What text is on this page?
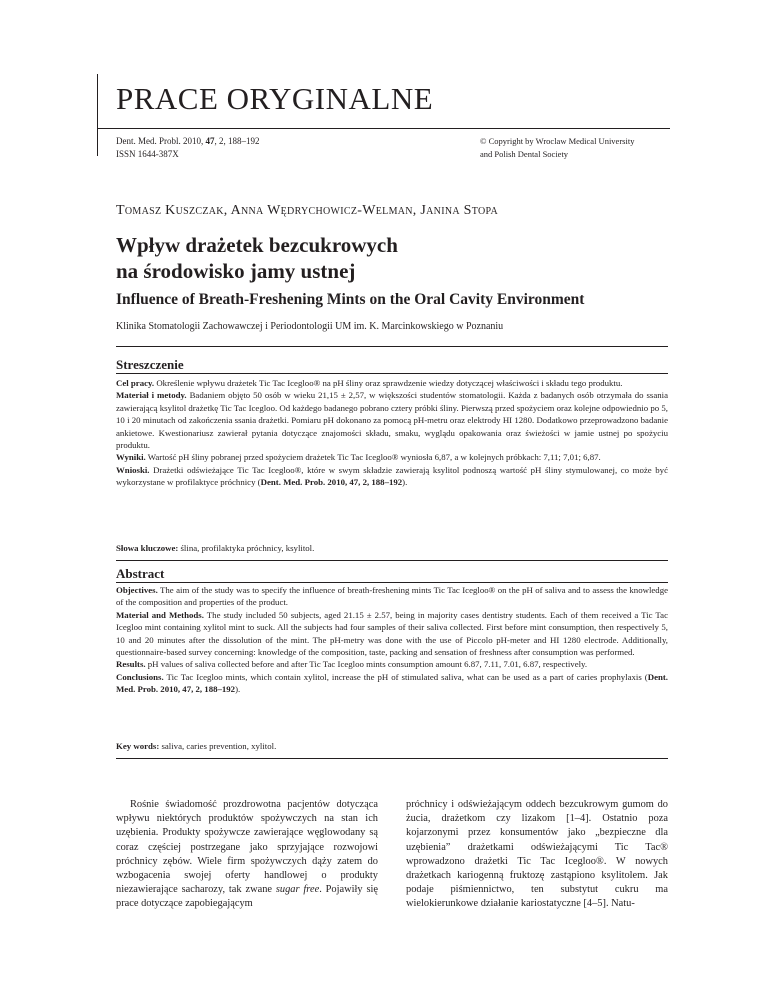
PRACE ORYGINALNE
Dent. Med. Probl. 2010, 47, 2, 188–192
ISSN 1644-387X
© Copyright by Wroclaw Medical University
and Polish Dental Society
Tomasz Kuszczak, Anna Wędrychowicz-Welman, Janina Stopa
Wpływ drażetek bezcukrowych
na środowisko jamy ustnej
Influence of Breath-Freshening Mints on the Oral Cavity Environment
Klinika Stomatologii Zachowawczej i Periodontologii UM im. K. Marcinkowskiego w Poznaniu
Streszczenie
Cel pracy. Określenie wpływu drażetek Tic Tac Icegloo® na pH śliny oraz sprawdzenie wiedzy dotyczącej właściwości i składu tego produktu.
Materiał i metody. Badaniem objęto 50 osób w wieku 21,15 ± 2,57, w większości studentów stomatologii. Każda z badanych osób otrzymała do ssania zawierającą ksylitol drażetkę Tic Tac Icegloo. Od każdego badanego pobrano cztery próbki śliny. Pierwszą przed spożyciem oraz kolejne odpowiednio po 5, 10 i 20 minutach od zakończenia ssania drażetki. Pomiaru pH dokonano za pomocą pH-metru oraz elektrody HI 1280. Dodatkowo przeprowadzono badanie ankietowe. Kwestionariusz zawierał pytania dotyczące znajomości składu, smaku, wyglądu opakowania oraz świeżości w jamie ustnej po spożyciu produktu.
Wyniki. Wartość pH śliny pobranej przed spożyciem drażetek Tic Tac Icegloo® wyniosła 6,87, a w kolejnych próbkach: 7,11; 7,01; 6,87.
Wnioski. Drażetki odświeżające Tic Tac Icegloo®, które w swym składzie zawierają ksylitol podnoszą wartość pH śliny stymulowanej, co może być wykorzystane w profilaktyce próchnicy (Dent. Med. Prob. 2010, 47, 2, 188–192).
Słowa kluczowe: ślina, profilaktyka próchnicy, ksylitol.
Abstract
Objectives. The aim of the study was to specify the influence of breath-freshening mints Tic Tac Icegloo® on the pH of saliva and to assess the knowledge of the composition and properties of the product.
Material and Methods. The study included 50 subjects, aged 21.15 ± 2.57, being in majority cases dentistry students. Each of them received a Tic Tac Icegloo mint containing xylitol mint to suck. All the subjects had four samples of their saliva collected. First before mint consumption, then respectively 5, 10 and 20 minutes after the dissolution of the mint. The pH-metry was done with the use of Piccolo pH-meter and HI 1280 electrode. Additionally, questionnaire-based survey concerning: knowledge of the composition, taste, packing and sensation of freshness after consumption was performed.
Results. pH values of saliva collected before and after Tic Tac Icegloo mints consumption amount 6.87, 7.11, 7.01, 6.87, respectively.
Conclusions. Tic Tac Icegloo mints, which contain xylitol, increase the pH of stimulated saliva, what can be used as a part of caries prophylaxis (Dent. Med. Prob. 2010, 47, 2, 188–192).
Key words: saliva, caries prevention, xylitol.
Rośnie świadomość prozdrowotna pacjentów dotycząca wpływu niektórych produktów spożywczych na stan ich uzębienia. Produkty spożywcze zawierające węglowodany są coraz częściej postrzegane jako sprzyjające rozwojowi próchnicy zębów. Wiele firm spożywczych dąży zatem do wzbogacenia swojej oferty handlowej o produkty niezawierające sacharozy, tak zwane sugar free. Pojawiły się prace dotyczące zapobiegającym
próchnicy i odświeżającym oddech bezcukrowym gumom do żucia, drażetkom czy lizakom [1–4]. Ostatnio poza kojarzonymi przez konsumentów jako „bezpieczne dla uzębienia” drażetkami odświeżającymi Tic Tac® wprowadzono drażetki Tic Tac Icegloo®. W nowych drażetkach kariogenną fruktozę zastąpiono ksylitolem. Jak podaje piśmiennictwo, ten substytut cukru ma wielokierunkowe działanie kariostatyczne [4–5]. Natu-
